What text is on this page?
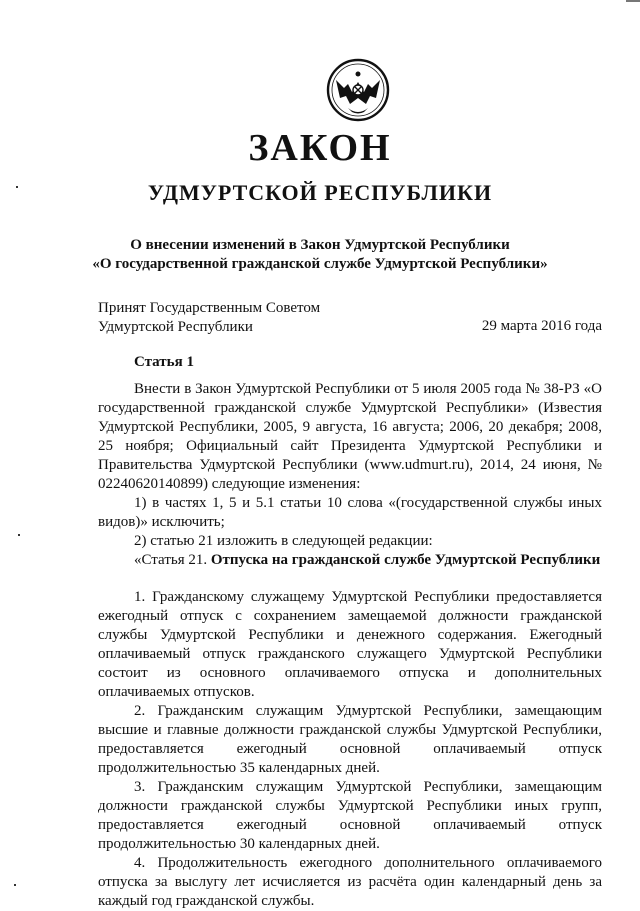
ЗАКОН
УДМУРТСКОЙ РЕСПУБЛИКИ
О внесении изменений в Закон Удмуртской Республики
«О государственной гражданской службе Удмуртской Республики»
Принят Государственным Советом
Удмуртской Республики	29 марта 2016 года
Статья 1

Внести в Закон Удмуртской Республики от 5 июля 2005 года № 38-РЗ «О государственной гражданской службе Удмуртской Республики» (Известия Удмуртской Республики, 2005, 9 августа, 16 августа; 2006, 20 декабря; 2008, 25 ноября; Официальный сайт Президента Удмуртской Республики и Правительства Удмуртской Республики (www.udmurt.ru), 2014, 24 июня, № 02240620140899) следующие изменения:

1) в частях 1, 5 и 5.1 статьи 10 слова «(государственной службы иных видов)» исключить;

2) статью 21 изложить в следующей редакции:

«Статья 21. Отпуска на гражданской службе Удмуртской Республики

1. Гражданскому служащему Удмуртской Республики предоставляется ежегодный отпуск с сохранением замещаемой должности гражданской службы Удмуртской Республики и денежного содержания. Ежегодный оплачиваемый отпуск гражданского служащего Удмуртской Республики состоит из основного оплачиваемого отпуска и дополнительных оплачиваемых отпусков.

2. Гражданским служащим Удмуртской Республики, замещающим высшие и главные должности гражданской службы Удмуртской Республики, предоставляется ежегодный основной оплачиваемый отпуск продолжительностью 35 календарных дней.

3. Гражданским служащим Удмуртской Республики, замещающим должности гражданской службы Удмуртской Республики иных групп, предоставляется ежегодный основной оплачиваемый отпуск продолжительностью 30 календарных дней.

4. Продолжительность ежегодного дополнительного оплачиваемого отпуска за выслугу лет исчисляется из расчёта один календарный день за каждый год гражданской службы.
